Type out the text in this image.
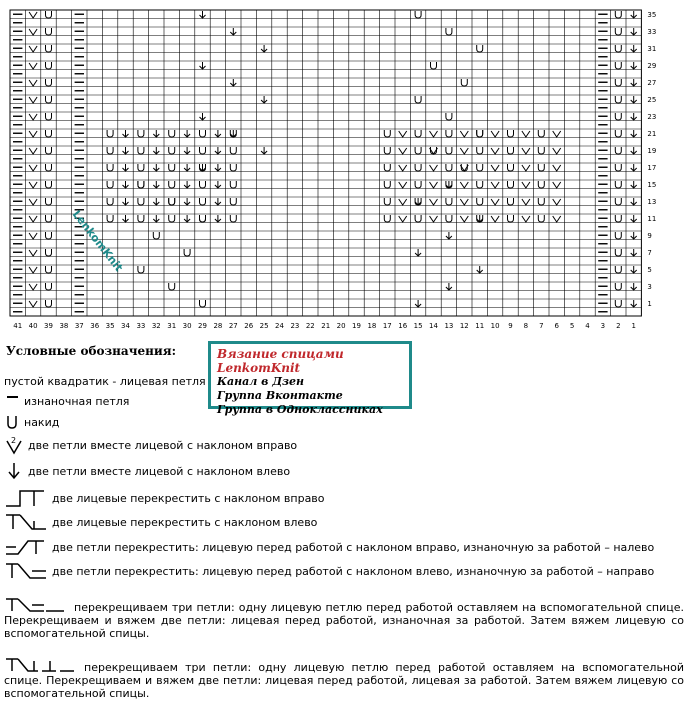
41 40 39 38 37 36 35 34 33 32 31 30 29 28 27 26 25 24 23 22 21 20 19 18 17 16 15 14 13 12 11 10 9 8 7 6 5 4 3 2 1
35
33
31
29
27
25
23
21
19
17
15
13
11
9
7
5
3
1
LenkomKnit
Условные обозначения:	Вязание спицами LenkomKnit
Канал в Дзен
Группа Вконтакте
Группа в Одноклассниках
пустой квадратик - лицевая петля
изнаночная петля
накид
2 две петли вместе лицевой с наклоном вправо
две петли вместе лицевой с наклоном влево
две лицевые перекрестить с наклоном вправо
две лицевые перекрестить с наклоном влево
две петли перекрестить: лицевую перед работой с наклоном вправо, изнаночную за работой – налево
две петли перекрестить: лицевую перед работой с наклоном влево, изнаночную за работой – направо
перекрещиваем три петли: одну лицевую петлю перед работой оставляем на вспомогательной спице. Перекрещиваем и вяжем две петли: лицевая перед работой, изнаночная за работой. Затем вяжем лицевую со вспомогательной спицы.
перекрещиваем три петли: одну лицевую петлю перед работой оставляем на вспомогательной спице. Перекрещиваем и вяжем две петли: лицевая перед работой, лицевая за работой. Затем вяжем лицевую со вспомогательной спицы.
